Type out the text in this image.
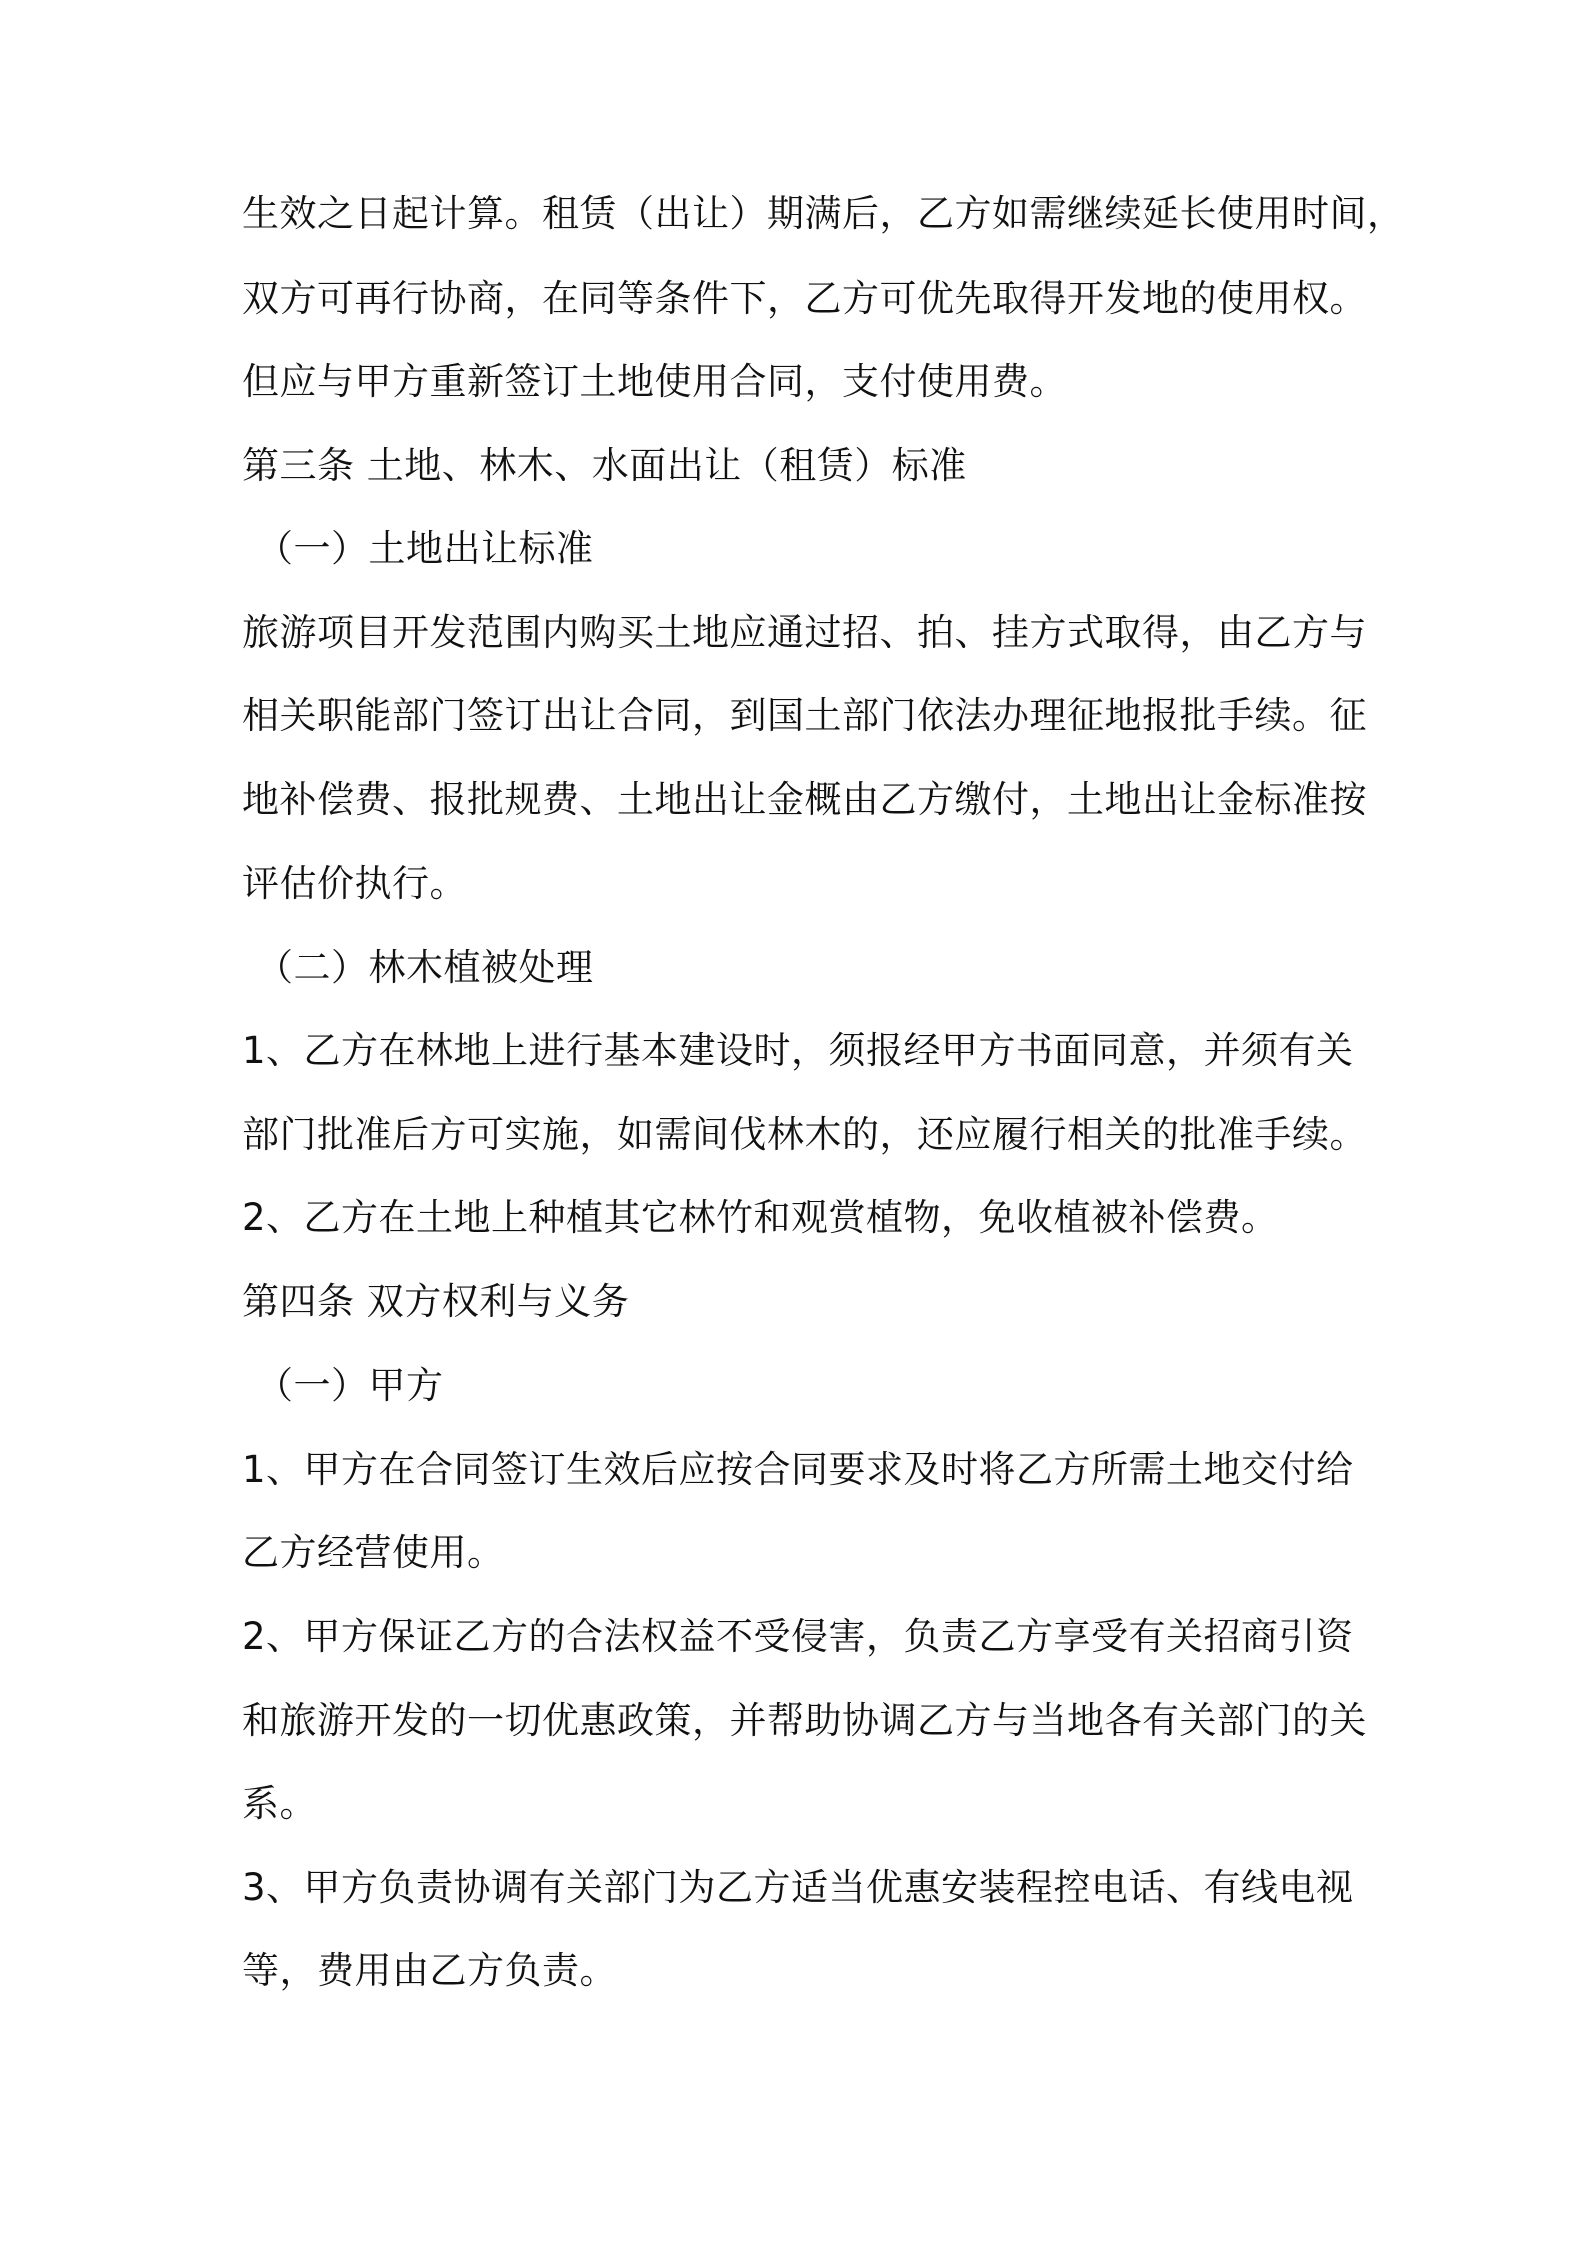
生效之日起计算。租赁（出让）期满后，乙方如需继续延长使用时间，
双方可再行协商，在同等条件下，乙方可优先取得开发地的使用权。
但应与甲方重新签订土地使用合同，支付使用费。
第三条 土地、林木、水面出让（租赁）标准
（一）土地出让标准
旅游项目开发范围内购买土地应通过招、拍、挂方式取得，由乙方与
相关职能部门签订出让合同，到国土部门依法办理征地报批手续。征
地补偿费、报批规费、土地出让金概由乙方缴付，土地出让金标准按
评估价执行。
（二）林木植被处理
1、乙方在林地上进行基本建设时，须报经甲方书面同意，并须有关
部门批准后方可实施，如需间伐林木的，还应履行相关的批准手续。
2、乙方在土地上种植其它林竹和观赏植物，免收植被补偿费。
第四条 双方权利与义务
（一）甲方
1、甲方在合同签订生效后应按合同要求及时将乙方所需土地交付给
乙方经营使用。
2、甲方保证乙方的合法权益不受侵害，负责乙方享受有关招商引资
和旅游开发的一切优惠政策，并帮助协调乙方与当地各有关部门的关
系。
3、甲方负责协调有关部门为乙方适当优惠安装程控电话、有线电视
等，费用由乙方负责。
